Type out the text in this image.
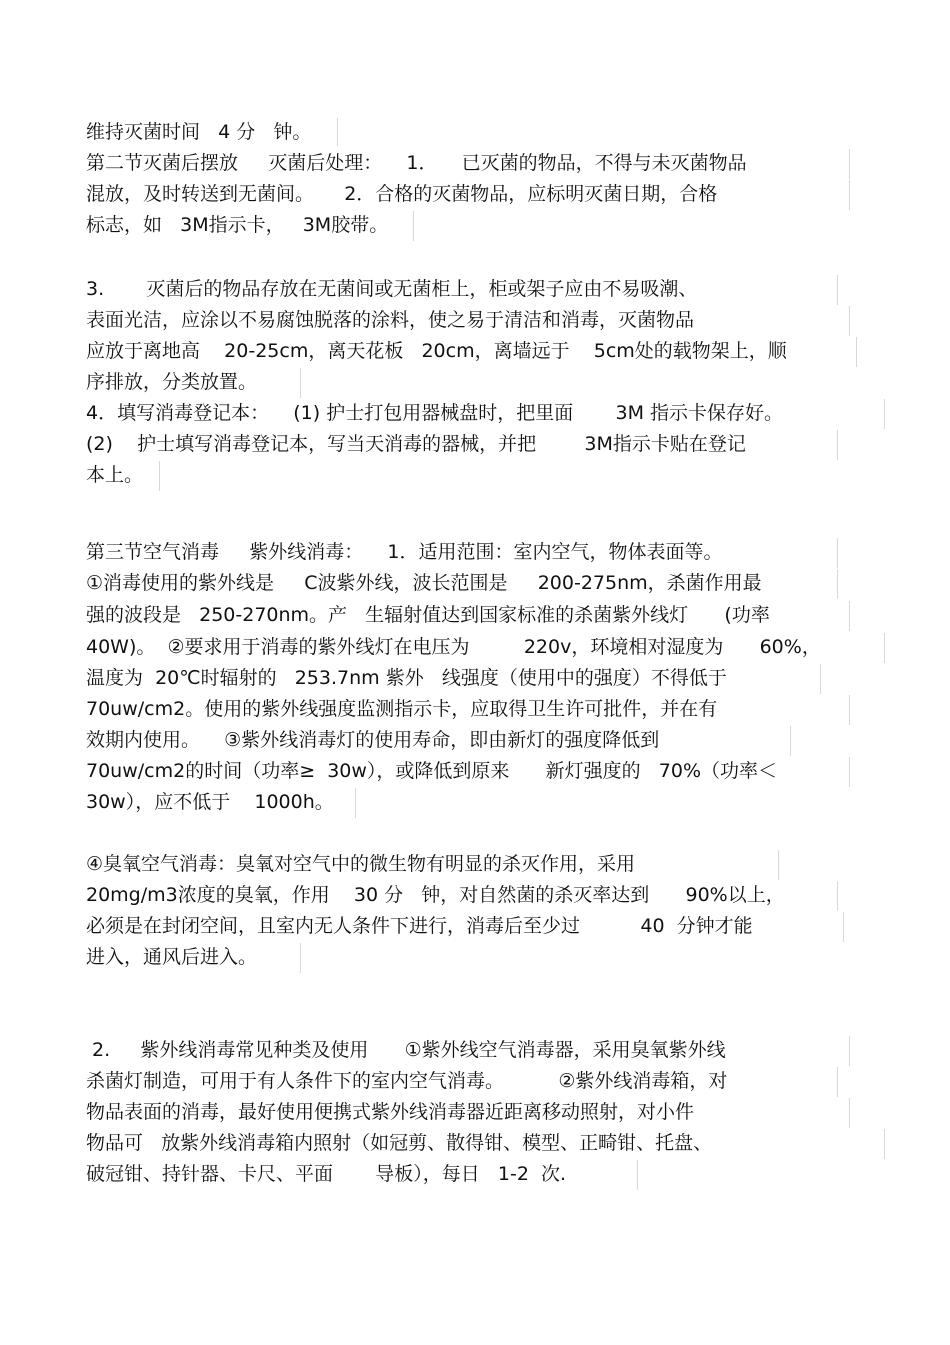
维持灭菌时间   4 分   钟。
第二节灭菌后摆放     灭菌后处理：    1．    已灭菌的物品，不得与未灭菌物品
混放，及时转送到无菌间。     2．合格的灭菌物品，应标明灭菌日期，合格
标志，如   3M指示卡，   3M胶带。
3.       灭菌后的物品存放在无菌间或无菌柜上，柜或架子应由不易吸潮、
表面光洁，应涂以不易腐蚀脱落的涂料，使之易于清洁和消毒，灭菌物品
应放于离地高    20-25cm，离天花板   20cm，离墙远于    5cm处的载物架上，顺
序排放，分类放置。
4．填写消毒登记本：    (1) 护士打包用器械盘时，把里面       3M 指示卡保存好。
(2)    护士填写消毒登记本，写当天消毒的器械，并把        3M指示卡贴在登记
本上。
第三节空气消毒     紫外线消毒：    1．适用范围：室内空气，物体表面等。
①消毒使用的紫外线是     C波紫外线，波长范围是     200-275nm，杀菌作用最
强的波段是   250-270nm。产   生辐射值达到国家标准的杀菌紫外线灯      (功率
40W)。  ②要求用于消毒的紫外线灯在电压为         220v，环境相对湿度为      60%，
温度为  20℃时辐射的   253.7nm 紫外   线强度（使用中的强度）不得低于
70uw/cm2。使用的紫外线强度监测指示卡，应取得卫生许可批件，并在有
效期内使用。    ③紫外线消毒灯的使用寿命，即由新灯的强度降低到
70uw/cm2的时间（功率≥  30w），或降低到原来      新灯强度的   70%（功率＜
30w），应不低于    1000h。
④臭氧空气消毒：臭氧对空气中的微生物有明显的杀灭作用，采用
20mg/m3浓度的臭氧，作用    30 分   钟，对自然菌的杀灭率达到      90%以上，
必须是在封闭空间，且室内无人条件下进行，消毒后至少过          40  分钟才能
进入，通风后进入。
2.     紫外线消毒常见种类及使用      ①紫外线空气消毒器，采用臭氧紫外线
杀菌灯制造，可用于有人条件下的室内空气消毒。         ②紫外线消毒箱，对
物品表面的消毒，最好使用便携式紫外线消毒器近距离移动照射，对小件
物品可   放紫外线消毒箱内照射（如冠剪、散得钳、模型、正畸钳、托盘、
破冠钳、持针器、卡尺、平面       导板），每日   1-2  次.
